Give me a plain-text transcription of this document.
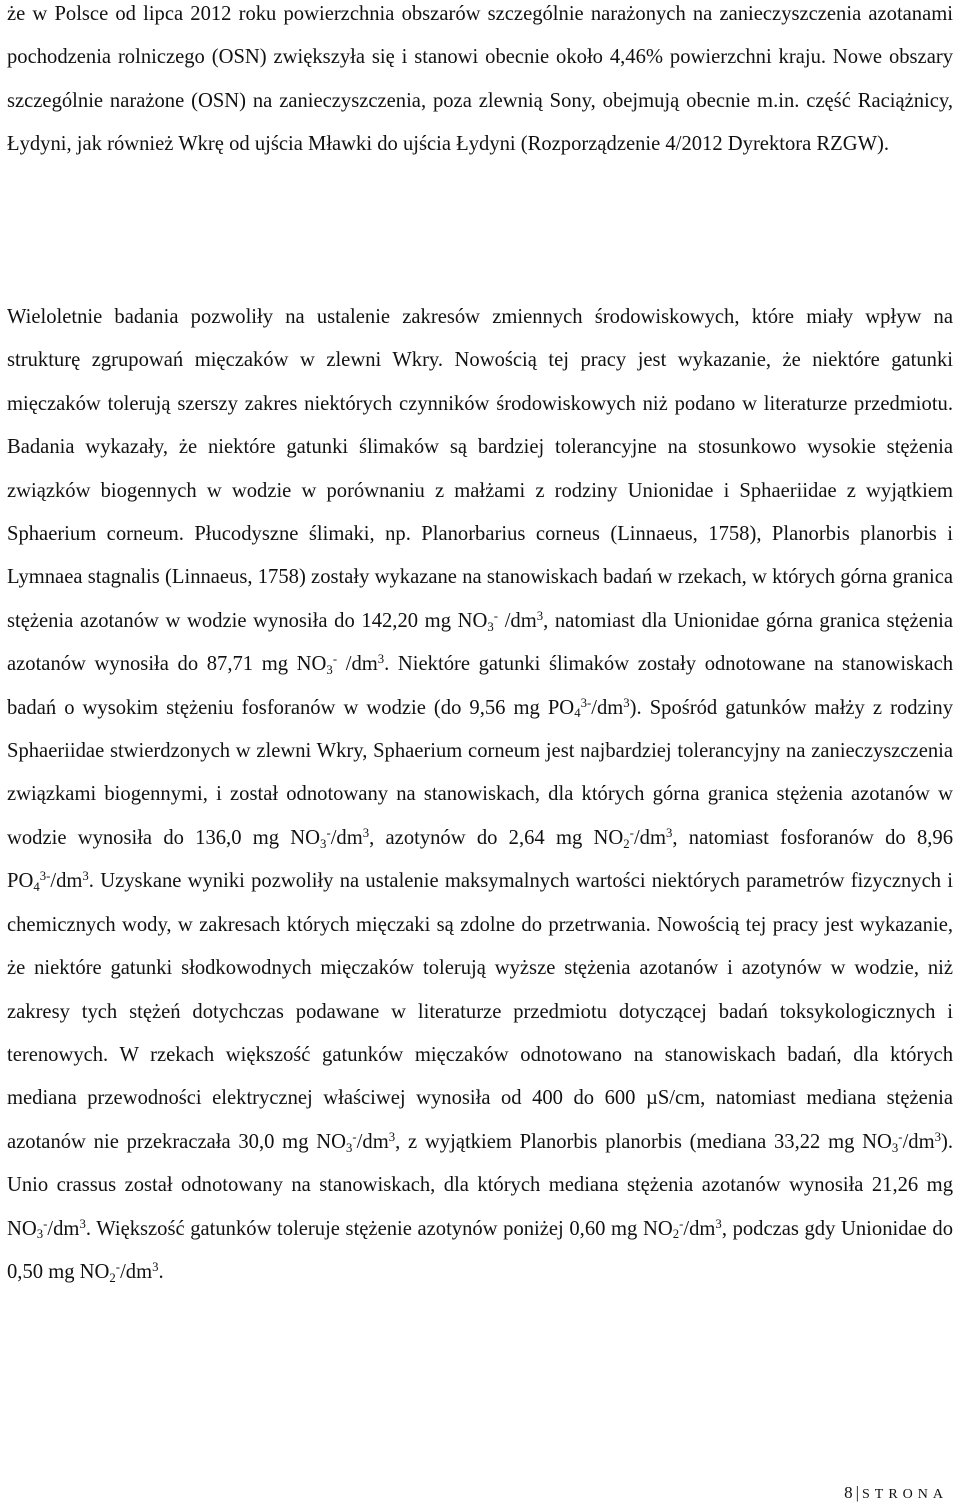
że w Polsce od lipca 2012 roku powierzchnia obszarów szczególnie narażonych na zanieczyszczenia azotanami pochodzenia rolniczego (OSN) zwiększyła się i stanowi obecnie około 4,46% powierzchni kraju. Nowe obszary szczególnie narażone (OSN) na zanieczyszczenia, poza zlewnią Sony, obejmują obecnie m.in. część Raciążnicy, Łydyni, jak również Wkrę od ujścia Mławki do ujścia Łydyni (Rozporządzenie 4/2012 Dyrektora RZGW).

Wieloletnie badania pozwoliły na ustalenie zakresów zmiennych środowiskowych, które miały wpływ na strukturę zgrupowań mięczaków w zlewni Wkry. Nowością tej pracy jest wykazanie, że niektóre gatunki mięczaków tolerują szerszy zakres niektórych czynników środowiskowych niż podano w literaturze przedmiotu. Badania wykazały, że niektóre gatunki ślimaków są bardziej tolerancyjne na stosunkowo wysokie stężenia związków biogennych w wodzie w porównaniu z małżami z rodziny Unionidae i Sphaeriidae z wyjątkiem Sphaerium corneum. Płucodyszne ślimaki, np. Planorbarius corneus (Linnaeus, 1758), Planorbis planorbis i Lymnaea stagnalis (Linnaeus, 1758) zostały wykazane na stanowiskach badań w rzekach, w których górna granica stężenia azotanów w wodzie wynosiła do 142,20 mg $NO_3^-$ $/dm^3$, natomiast dla Unionidae górna granica stężenia azotanów wynosiła do 87,71 mg $NO_3^-$ $/dm^3$. Niektóre gatunki ślimaków zostały odnotowane na stanowiskach badań o wysokim stężeniu fosforanów w wodzie (do 9,56 mg $PO_4^{3-}/dm^3$). Spośród gatunków małży z rodziny Sphaeriidae stwierdzonych w zlewni Wkry, Sphaerium corneum jest najbardziej tolerancyjny na zanieczyszczenia związkami biogennymi, i został odnotowany na stanowiskach, dla których górna granica stężenia azotanów w wodzie wynosiła do 136,0 mg $NO_3^-/dm^3$, azotynów do 2,64 mg $NO_2^-/dm^3$, natomiast fosforanów do 8,96 $PO_4^{3-}/dm^3$. Uzyskane wyniki pozwoliły na ustalenie maksymalnych wartości niektórych parametrów fizycznych i chemicznych wody, w zakresach których mięczaki są zdolne do przetrwania. Nowością tej pracy jest wykazanie, że niektóre gatunki słodkowodnych mięczaków tolerują wyższe stężenia azotanów i azotynów w wodzie, niż zakresy tych stężeń dotychczas podawane w literaturze przedmiotu dotyczącej badań toksykologicznych i terenowych. W rzekach większość gatunków mięczaków odnotowano na stanowiskach badań, dla których mediana przewodności elektrycznej właściwej wynosiła od 400 do 600 µS/cm, natomiast mediana stężenia azotanów nie przekraczała 30,0 mg $NO_3^-/dm^3$, z wyjątkiem Planorbis planorbis (mediana 33,22 mg $NO_3^-/dm^3$). Unio crassus został odnotowany na stanowiskach, dla których mediana stężenia azotanów wynosiła 21,26 mg $NO_3^-/dm^3$. Większość gatunków toleruje stężenie azotynów poniżej 0,60 mg $NO_2^-/dm^3$, podczas gdy Unionidae do 0,50 mg $NO_2^-/dm^3$.

8 | STRONA
